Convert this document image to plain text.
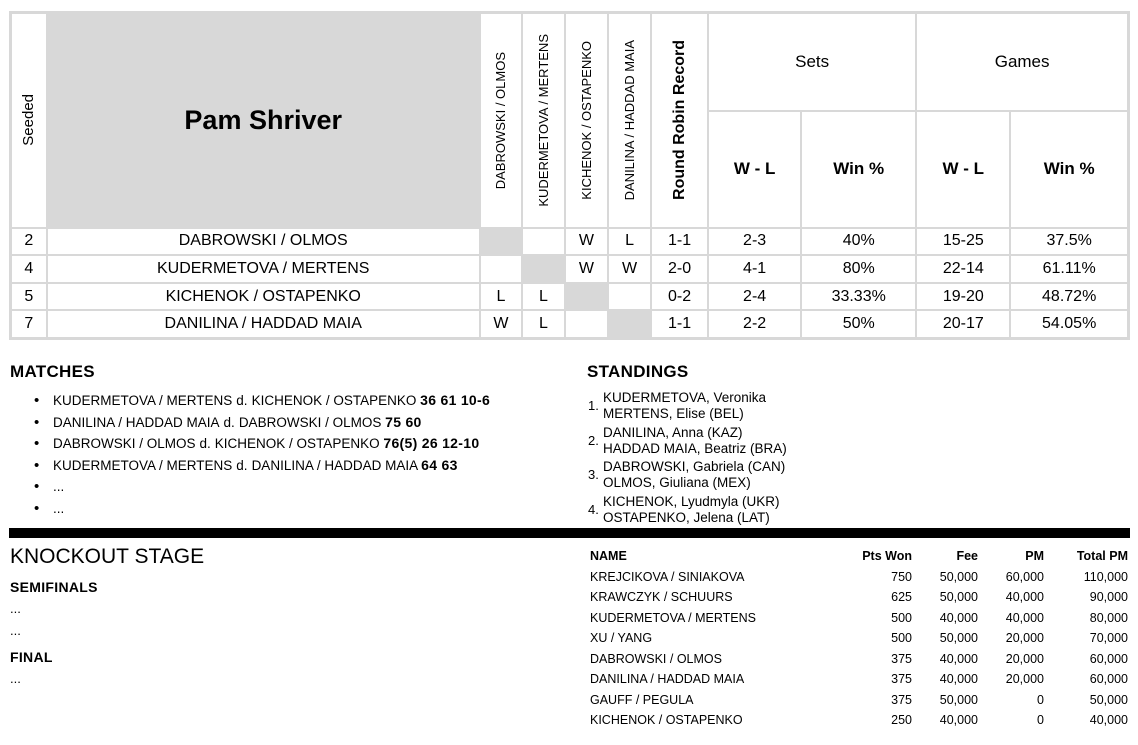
Seeded	Pam Shriver	DABROWSKI / OLMOS	KUDERMETOVA / MERTENS	KICHENOK / OSTAPENKO	DANILINA / HADDAD MAIA	Round Robin Record	Sets		Games	
							W - L	Win %	W - L	Win %
2	DABROWSKI / OLMOS			W	L	1-1	2-3	40%	15-25	37.5%
4	KUDERMETOVA / MERTENS			W	W	2-0	4-1	80%	22-14	61.11%
5	KICHENOK / OSTAPENKO	L	L			0-2	2-4	33.33%	19-20	48.72%
7	DANILINA / HADDAD MAIA	W	L			1-1	2-2	50%	20-17	54.05%
MATCHES
• KUDERMETOVA / MERTENS d. KICHENOK / OSTAPENKO 36 61 10-6
• DANILINA / HADDAD MAIA d. DABROWSKI / OLMOS 75 60
• DABROWSKI / OLMOS d. KICHENOK / OSTAPENKO 76(5) 26 12-10
• KUDERMETOVA / MERTENS d. DANILINA / HADDAD MAIA 64 63
• ...
• ...
STANDINGS
1.
KUDERMETOVA, Veronika
MERTENS, Elise (BEL)
2.
DANILINA, Anna (KAZ)
HADDAD MAIA, Beatriz (BRA)
3.
DABROWSKI, Gabriela (CAN)
OLMOS, Giuliana (MEX)
4.
KICHENOK, Lyudmyla (UKR)
OSTAPENKO, Jelena (LAT)
KNOCKOUT STAGE
SEMIFINALS
...
...
FINAL
...
NAME	Pts Won	Fee	PM	Total PM
KREJCIKOVA / SINIAKOVA	750	50,000	60,000	110,000
KRAWCZYK / SCHUURS	625	50,000	40,000	90,000
KUDERMETOVA / MERTENS	500	40,000	40,000	80,000
XU / YANG	500	50,000	20,000	70,000
DABROWSKI / OLMOS	375	40,000	20,000	60,000
DANILINA / HADDAD MAIA	375	40,000	20,000	60,000
GAUFF / PEGULA	375	50,000	0	50,000
KICHENOK / OSTAPENKO	250	40,000	0	40,000
